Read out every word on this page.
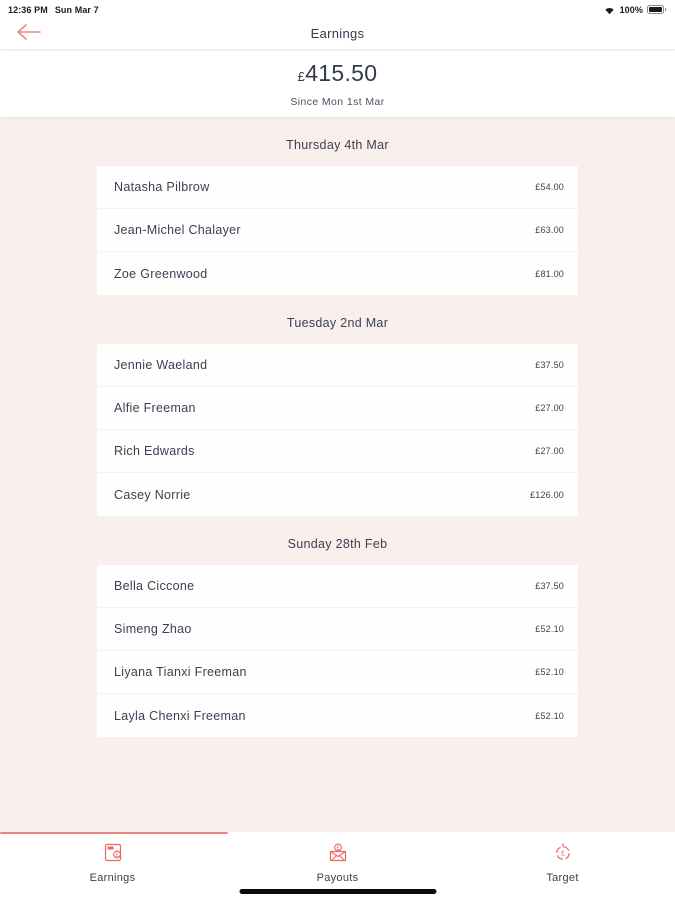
12:36 PM Sun Mar 7	100%
Earnings
£415.50
Since Mon 1st Mar
Thursday 4th Mar
Natasha Pilbrow	£54.00
Jean-Michel Chalayer	£63.00
Zoe Greenwood	£81.00
Tuesday 2nd Mar
Jennie Waeland	£37.50
Alfie Freeman	£27.00
Rich Edwards	£27.00
Casey Norrie	£126.00
Sunday 28th Feb
Bella Ciccone	£37.50
Simeng Zhao	£52.10
Liyana Tianxi Freeman	£52.10
Layla Chenxi Freeman	£52.10
£
Earnings
£
Payouts
£
Target
